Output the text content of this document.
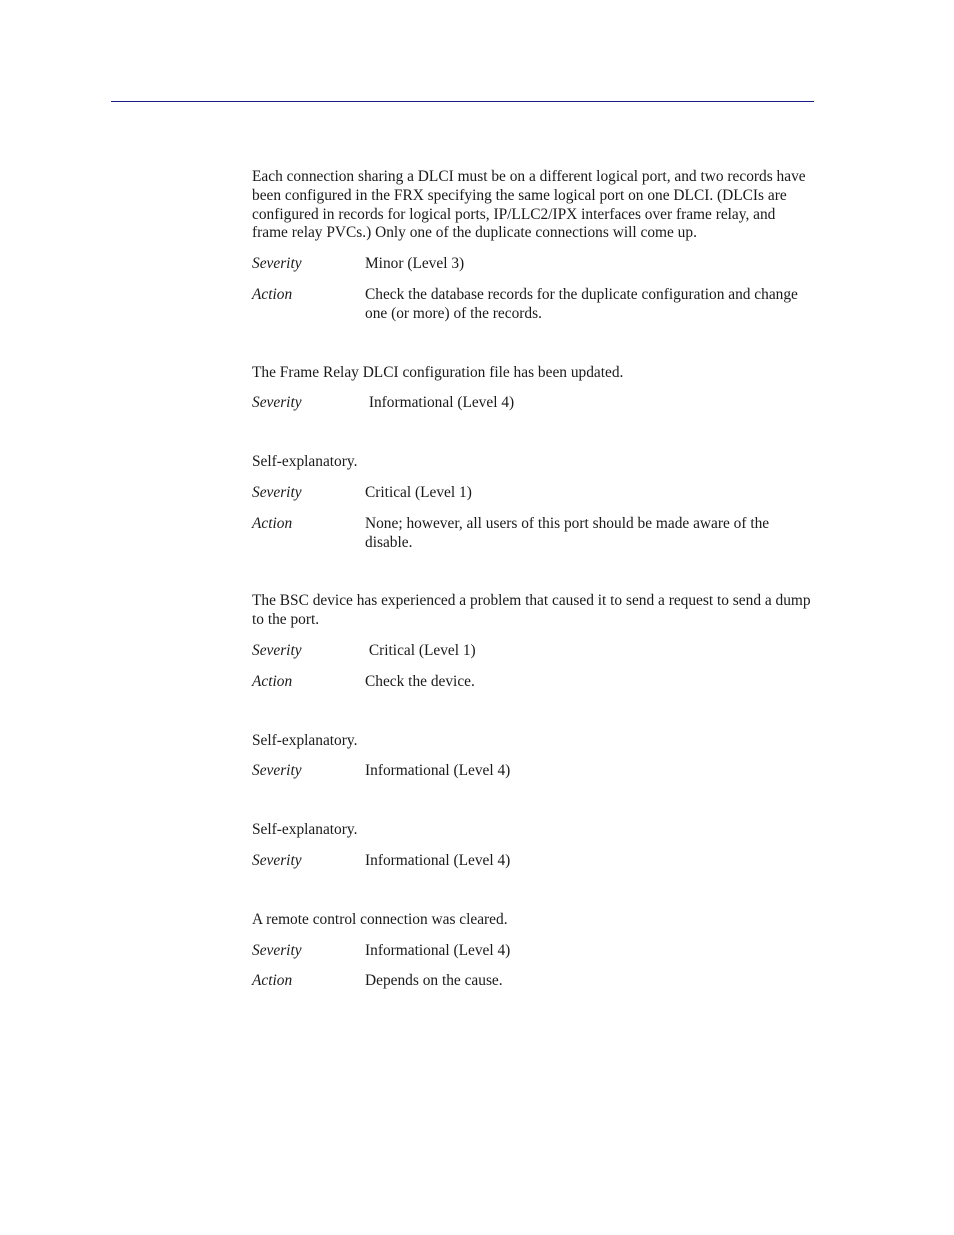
Each connection sharing a DLCI must be on a different logical port, and two records have been configured in the FRX specifying the same logical port on one DLCI. (DLCIs are configured in records for logical ports, IP/LLC2/IPX interfaces over frame relay, and frame relay PVCs.) Only one of the duplicate connections will come up.

Severity	Minor (Level 3)
Action	Check the database records for the duplicate configuration and change one (or more) of the records.

The Frame Relay DLCI configuration file has been updated.

Severity	Informational (Level 4)

Self-explanatory.

Severity	Critical (Level 1)
Action	None; however, all users of this port should be made aware of the disable.

The BSC device has experienced a problem that caused it to send a request to send a dump to the port.

Severity	Critical (Level 1)
Action	Check the device.

Self-explanatory.

Severity	Informational (Level 4)

Self-explanatory.

Severity	Informational (Level 4)

A remote control connection was cleared.

Severity	Informational (Level 4)
Action	Depends on the cause.
